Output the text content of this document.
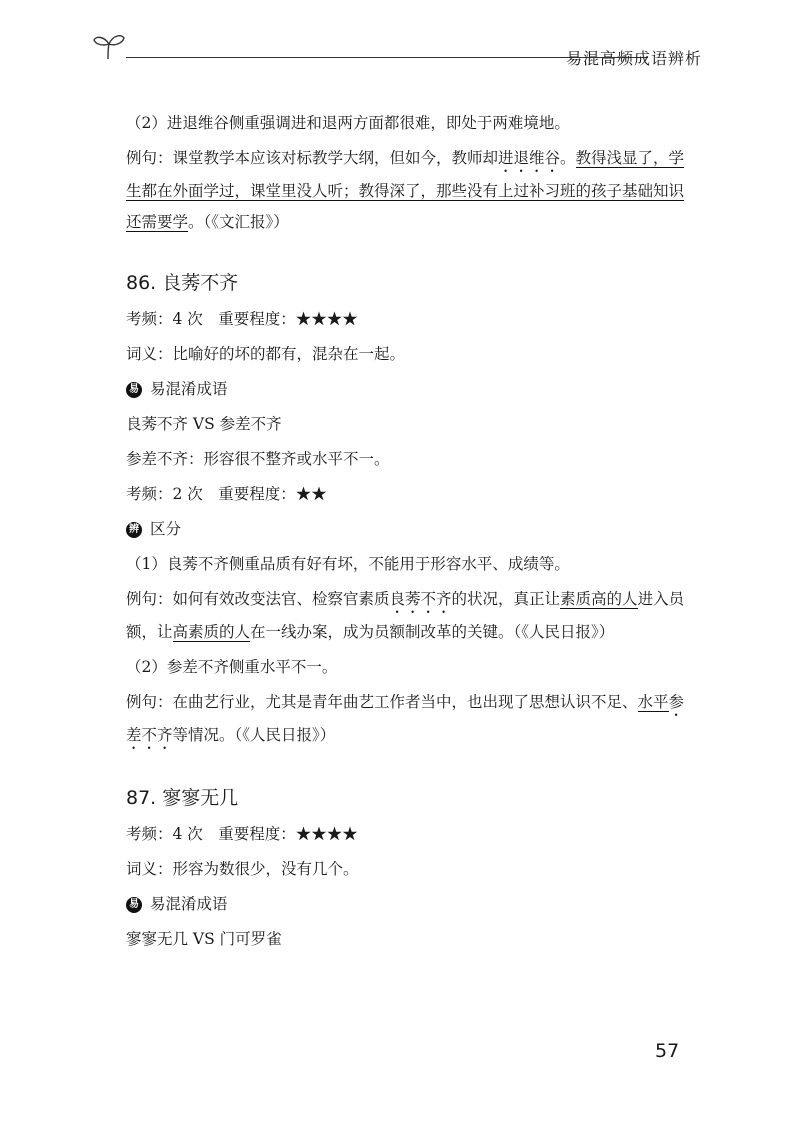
易混高频成语辨析

（2）进退维谷侧重强调进和退两方面都很难，即处于两难境地。

例句：课堂教学本应该对标教学大纲，但如今，教师却进退维谷。教得浅显了，学生都在外面学过，课堂里没人听；教得深了，那些没有上过补习班的孩子基础知识还需要学。（《文汇报》）

86. 良莠不齐

考频：4 次　重要程度：★★★★

词义：比喻好的坏的都有，混杂在一起。

易 易混淆成语

良莠不齐 VS 参差不齐

参差不齐：形容很不整齐或水平不一。

考频：2 次　重要程度：★★

辨 区分

（1）良莠不齐侧重品质有好有坏，不能用于形容水平、成绩等。

例句：如何有效改变法官、检察官素质良莠不齐的状况，真正让素质高的人进入员额，让高素质的人在一线办案，成为员额制改革的关键。（《人民日报》）

（2）参差不齐侧重水平不一。

例句：在曲艺行业，尤其是青年曲艺工作者当中，也出现了思想认识不足、水平参差不齐等情况。（《人民日报》）

87. 寥寥无几

考频：4 次　重要程度：★★★★

词义：形容为数很少，没有几个。

易 易混淆成语

寥寥无几 VS 门可罗雀

57
